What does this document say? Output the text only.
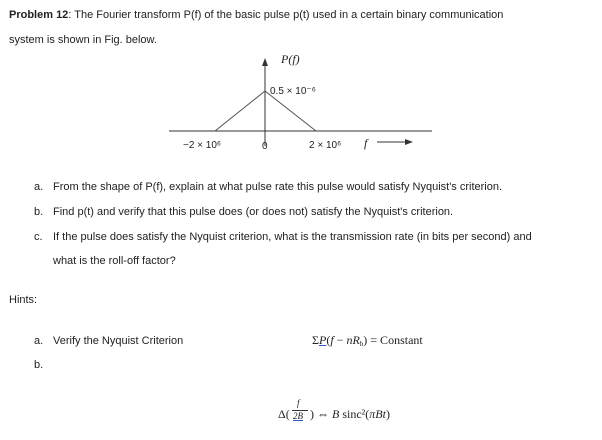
Problem 12: The Fourier transform P(f) of the basic pulse p(t) used in a certain binary communication
system is shown in Fig. below.
P(f)
0.5 × 10⁻⁶
−2 × 10⁶	0	2 × 10⁶ f
a. From the shape of P(f), explain at what pulse rate this pulse would satisfy Nyquist's criterion.
b. Find p(t) and verify that this pulse does (or does not) satisfy the Nyquist's criterion.
c. If the pulse does satisfy the Nyquist criterion, what is the transmission rate (in bits per second) and
what is the roll-off factor?
Hints:
a. Verify the Nyquist Criterion	$\Sigma P(f - nR_b)$ = Constant
b.
Δ(
f
2B ) ⇔ B sinc²(πBt)
